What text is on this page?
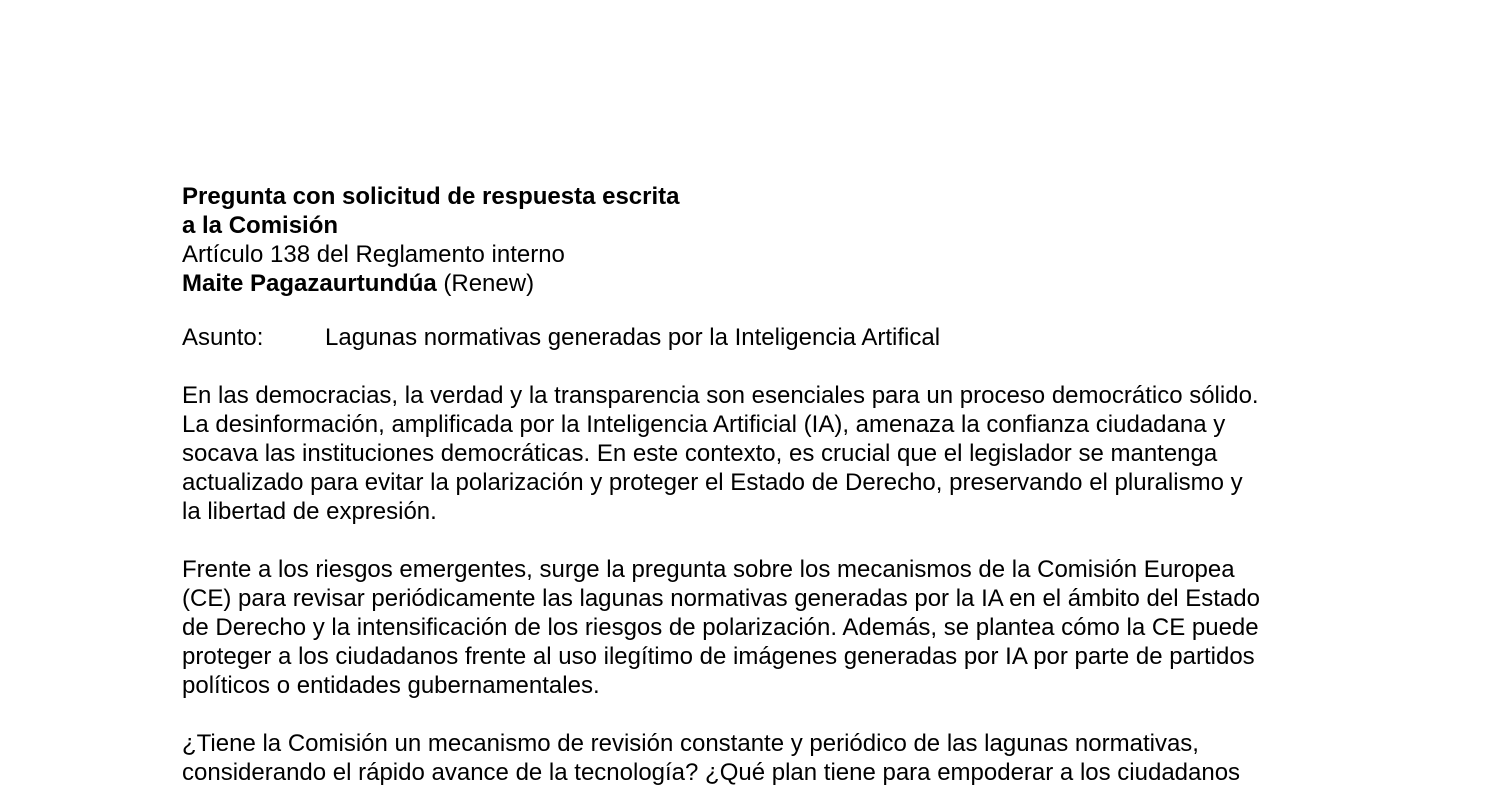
Pregunta con solicitud de respuesta escrita

a la Comisión

Artículo 138 del Reglamento interno

Maite Pagazaurtundúa (Renew)

Asunto:	Lagunas normativas generadas por la Inteligencia Artifical

En las democracias, la verdad y la transparencia son esenciales para un proceso democrático sólido.
La desinformación, amplificada por la Inteligencia Artificial (IA), amenaza la confianza ciudadana y
socava las instituciones democráticas. En este contexto, es crucial que el legislador se mantenga
actualizado para evitar la polarización y proteger el Estado de Derecho, preservando el pluralismo y
la libertad de expresión.

Frente a los riesgos emergentes, surge la pregunta sobre los mecanismos de la Comisión Europea
(CE) para revisar periódicamente las lagunas normativas generadas por la IA en el ámbito del Estado
de Derecho y la intensificación de los riesgos de polarización. Además, se plantea cómo la CE puede
proteger a los ciudadanos frente al uso ilegítimo de imágenes generadas por IA por parte de partidos
políticos o entidades gubernamentales.

¿Tiene la Comisión un mecanismo de revisión constante y periódico de las lagunas normativas,
considerando el rápido avance de la tecnología? ¿Qué plan tiene para empoderar a los ciudadanos
